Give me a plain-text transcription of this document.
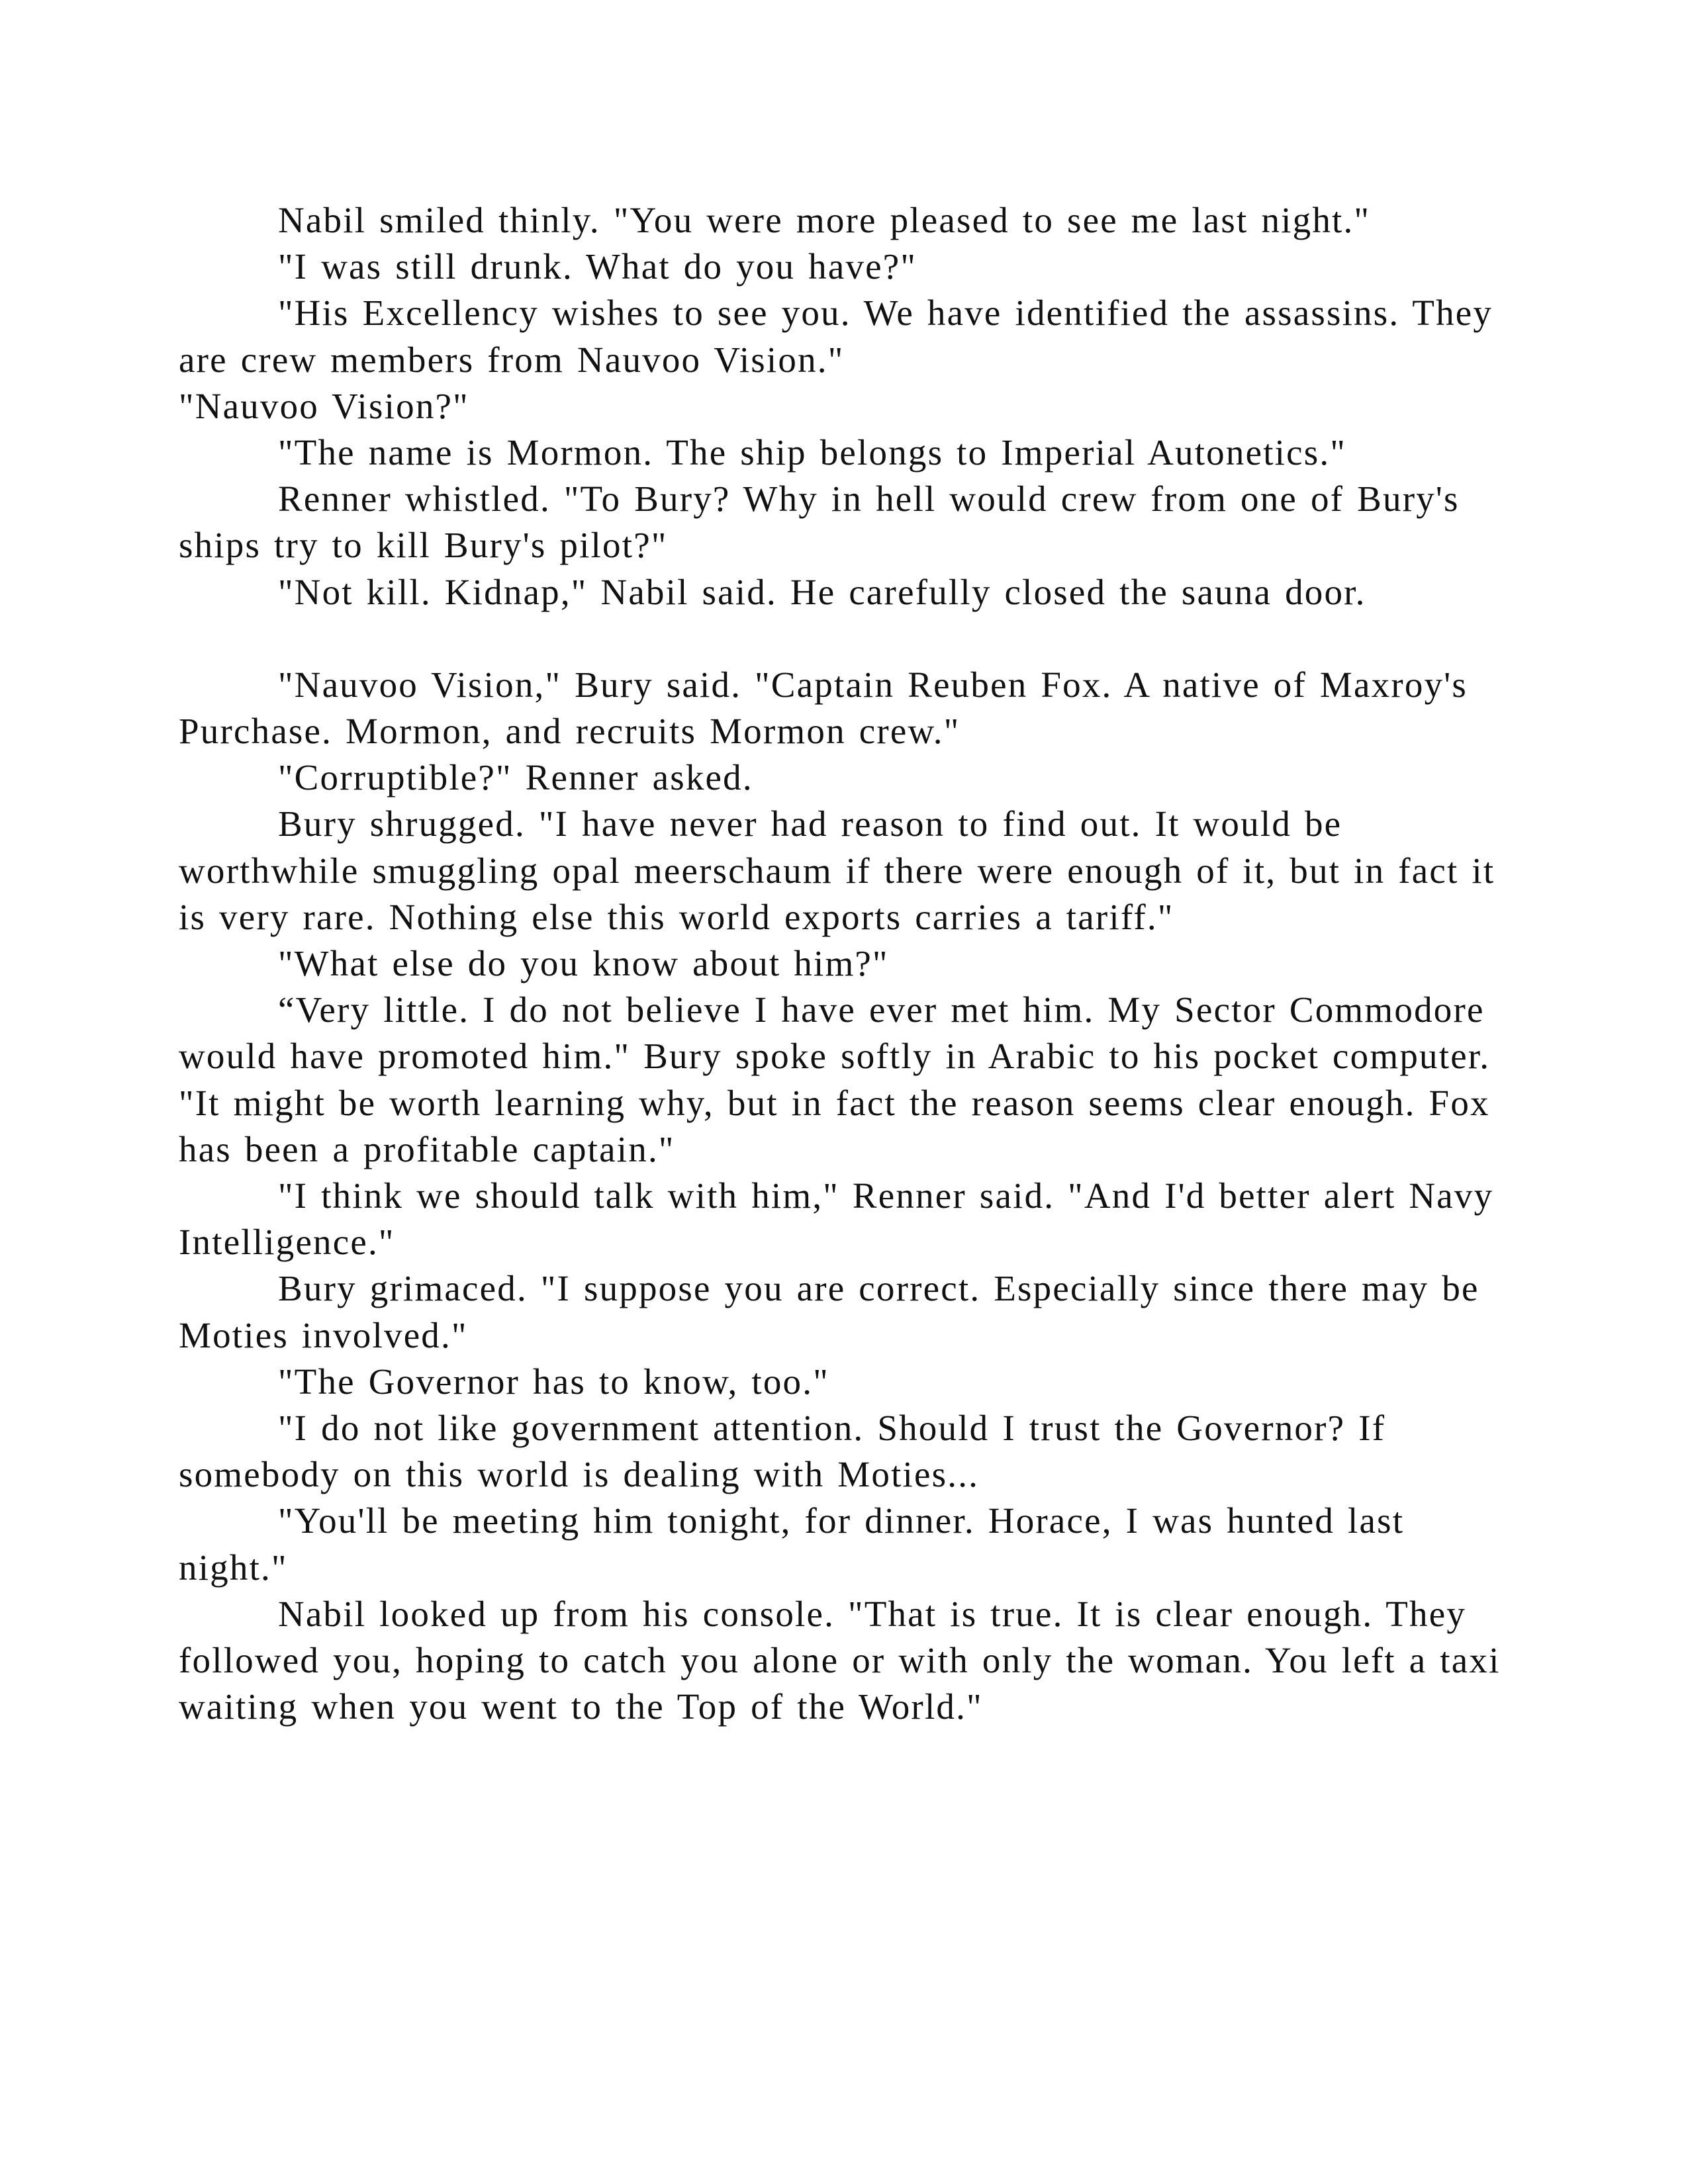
Nabil smiled thinly. "You were more pleased to see me last night."

"I was still drunk. What do you have?"

"His Excellency wishes to see you. We have identified the assassins. They are crew members from Nauvoo Vision."

"Nauvoo Vision?"

"The name is Mormon. The ship belongs to Imperial Autonetics."

Renner whistled. "To Bury? Why in hell would crew from one of Bury's ships try to kill Bury's pilot?"

"Not kill. Kidnap," Nabil said. He carefully closed the sauna door.

"Nauvoo Vision," Bury said. "Captain Reuben Fox. A native of Maxroy's Purchase. Mormon, and recruits Mormon crew."

"Corruptible?" Renner asked.

Bury shrugged. "I have never had reason to find out. It would be worthwhile smuggling opal meerschaum if there were enough of it, but in fact it is very rare. Nothing else this world exports carries a tariff."

"What else do you know about him?"

“Very little. I do not believe I have ever met him. My Sector Commodore would have promoted him." Bury spoke softly in Arabic to his pocket computer. "It might be worth learning why, but in fact the reason seems clear enough. Fox has been a profitable captain."

"I think we should talk with him," Renner said. "And I'd better alert Navy Intelligence."

Bury grimaced. "I suppose you are correct. Especially since there may be Moties involved."

"The Governor has to know, too."

"I do not like government attention. Should I trust the Governor? If somebody on this world is dealing with Moties...

"You'll be meeting him tonight, for dinner. Horace, I was hunted last night."

Nabil looked up from his console. "That is true. It is clear enough. They followed you, hoping to catch you alone or with only the woman. You left a taxi waiting when you went to the Top of the World."
